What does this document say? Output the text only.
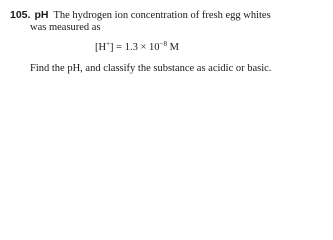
105. pH The hydrogen ion concentration of fresh egg whites
was measured as
$[H^+] = 1.3 \times 10^{-8}$ M
Find the pH, and classify the substance as acidic or basic.
